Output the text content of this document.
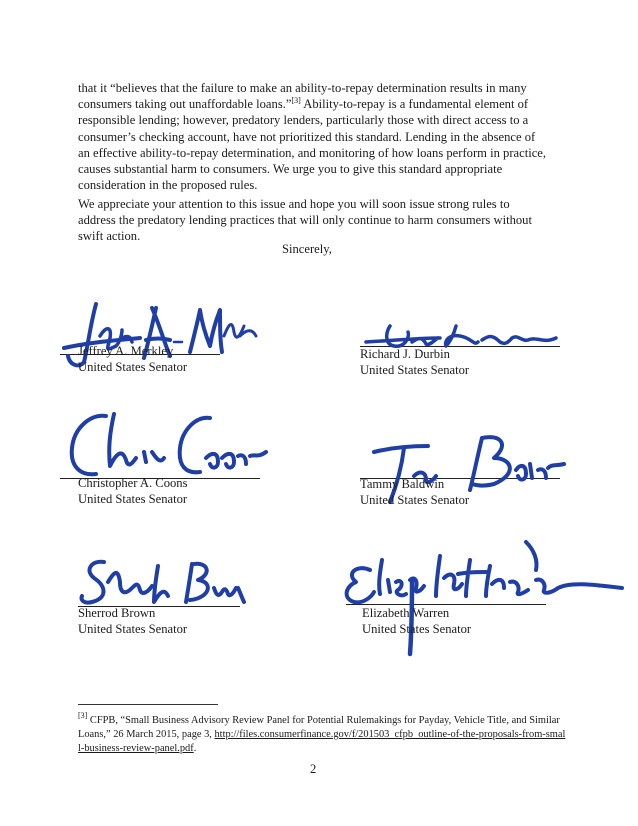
that it “believes that the failure to make an ability-to-repay determination results in many consumers taking out unaffordable loans.”[3] Ability-to-repay is a fundamental element of responsible lending; however, predatory lenders, particularly those with direct access to a consumer’s checking account, have not prioritized this standard. Lending in the absence of an effective ability-to-repay determination, and monitoring of how loans perform in practice, causes substantial harm to consumers. We urge you to give this standard appropriate consideration in the proposed rules.

We appreciate your attention to this issue and hope you will soon issue strong rules to address the predatory lending practices that will only continue to harm consumers without swift action.

Sincerely,
Jeffrey A. Merkley
United States Senator
Richard J. Durbin
United States Senator
Christopher A. Coons
United States Senator
Tammy Baldwin
United States Senator
Sherrod Brown
United States Senator
Elizabeth Warren
United States Senator
[3] CFPB, “Small Business Advisory Review Panel for Potential Rulemakings for Payday, Vehicle Title, and Similar Loans,” 26 March 2015, page 3, http://files.consumerfinance.gov/f/201503_cfpb_outline-of-the-proposals-from-small-business-review-panel.pdf.
2
